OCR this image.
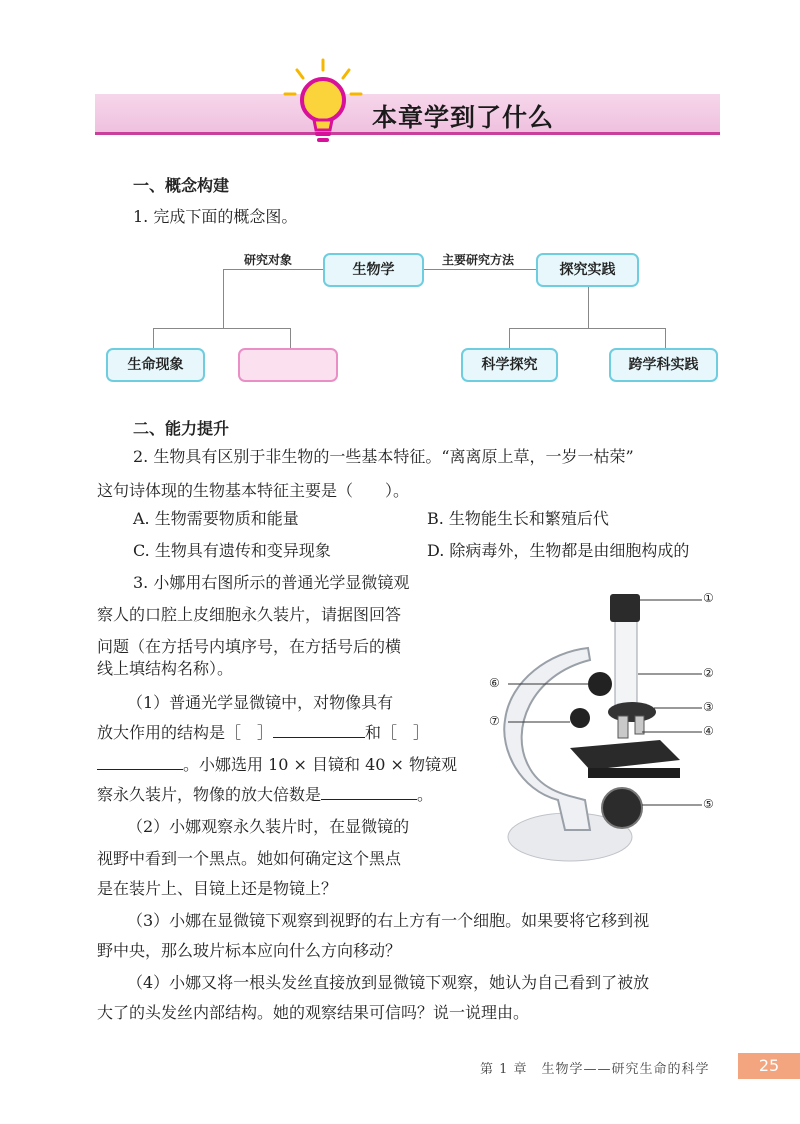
本章学到了什么
一、概念构建
1. 完成下面的概念图。
研究对象	主要研究方法
生物学	探究实践
生命现象	科学探究	跨学科实践
二、能力提升
2. 生物具有区别于非生物的一些基本特征。“离离原上草，一岁一枯荣”
这句诗体现的生物基本特征主要是（　　）。
A. 生物需要物质和能量	B. 生物能生长和繁殖后代
C. 生物具有遗传和变异现象	D. 除病毒外，生物都是由细胞构成的
3. 小娜用右图所示的普通光学显微镜观
察人的口腔上皮细胞永久装片，请据图回答
问题（在方括号内填序号，在方括号后的横
线上填结构名称）。
（1）普通光学显微镜中，对物像具有
放大作用的结构是［　］	和［　］
。小娜选用 10 × 目镜和 40 × 物镜观
察永久装片，物像的放大倍数是	。
（2）小娜观察永久装片时，在显微镜的
视野中看到一个黑点。她如何确定这个黑点
是在装片上、目镜上还是物镜上？
（3）小娜在显微镜下观察到视野的右上方有一个细胞。如果要将它移到视
野中央，那么玻片标本应向什么方向移动？
（4）小娜又将一根头发丝直接放到显微镜下观察，她认为自己看到了被放
大了的头发丝内部结构。她的观察结果可信吗？说一说理由。
①
②
③
④
⑤
⑥
⑦
第 1 章　生物学——研究生命的科学	25
